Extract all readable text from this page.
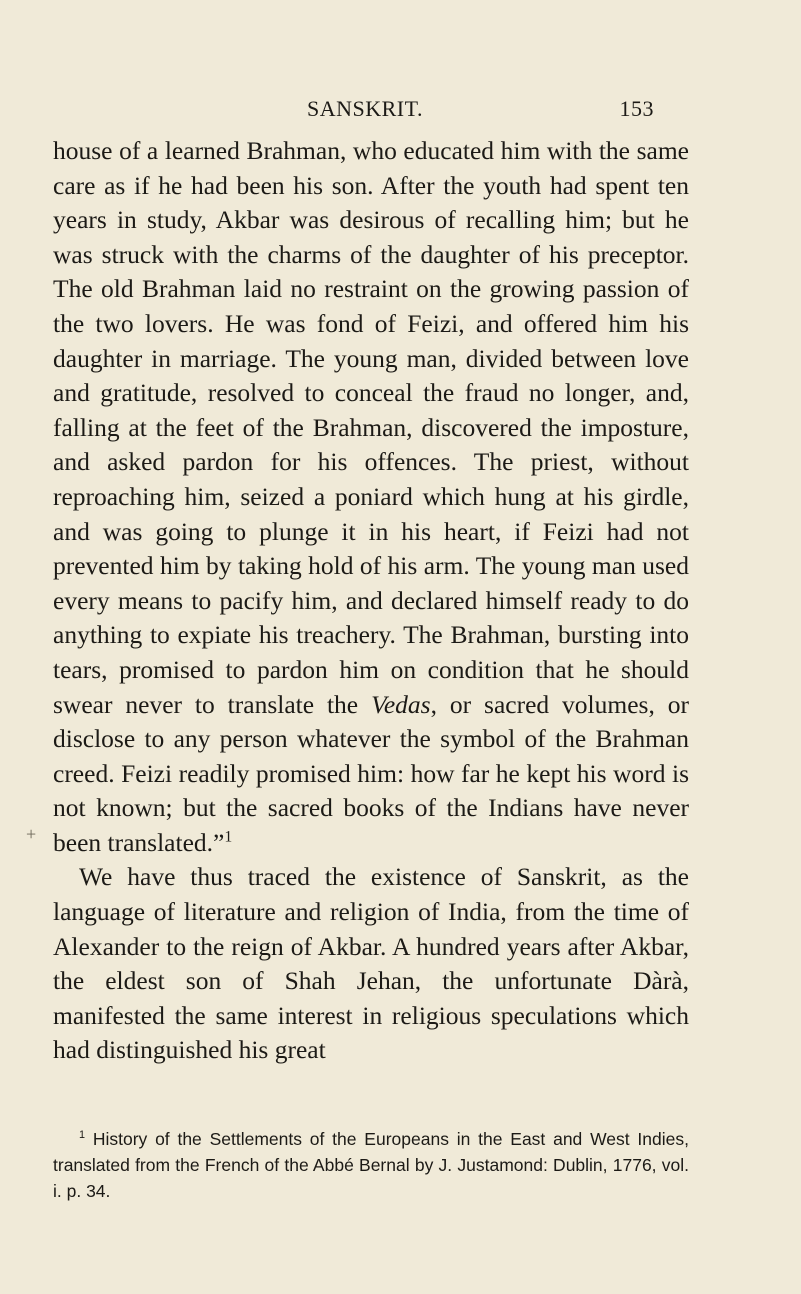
SANSKRIT.	153
+

house of a learned Brahman, who educated him with the same care as if he had been his son. After the youth had spent ten years in study, Akbar was desirous of recalling him; but he was struck with the charms of the daughter of his preceptor. The old Brahman laid no restraint on the growing passion of the two lovers. He was fond of Feizi, and offered him his daughter in marriage. The young man, divided between love and gratitude, resolved to conceal the fraud no longer, and, falling at the feet of the Brahman, discovered the imposture, and asked pardon for his offences. The priest, without reproaching him, seized a poniard which hung at his girdle, and was going to plunge it in his heart, if Feizi had not prevented him by taking hold of his arm. The young man used every means to pacify him, and declared himself ready to do anything to expiate his treachery. The Brahman, bursting into tears, promised to pardon him on condition that he should swear never to translate the Vedas, or sacred volumes, or disclose to any person whatever the symbol of the Brahman creed. Feizi readily promised him: how far he kept his word is not known; but the sacred books of the Indians have never been translated.”$^1$

We have thus traced the existence of Sanskrit, as the language of literature and religion of India, from the time of Alexander to the reign of Akbar. A hundred years after Akbar, the eldest son of Shah Jehan, the unfortunate Dàrà, manifested the same interest in religious speculations which had distinguished his great

$^1$ History of the Settlements of the Europeans in the East and West Indies, translated from the French of the Abbé Bernal by J. Justamond: Dublin, 1776, vol. i. p. 34.
